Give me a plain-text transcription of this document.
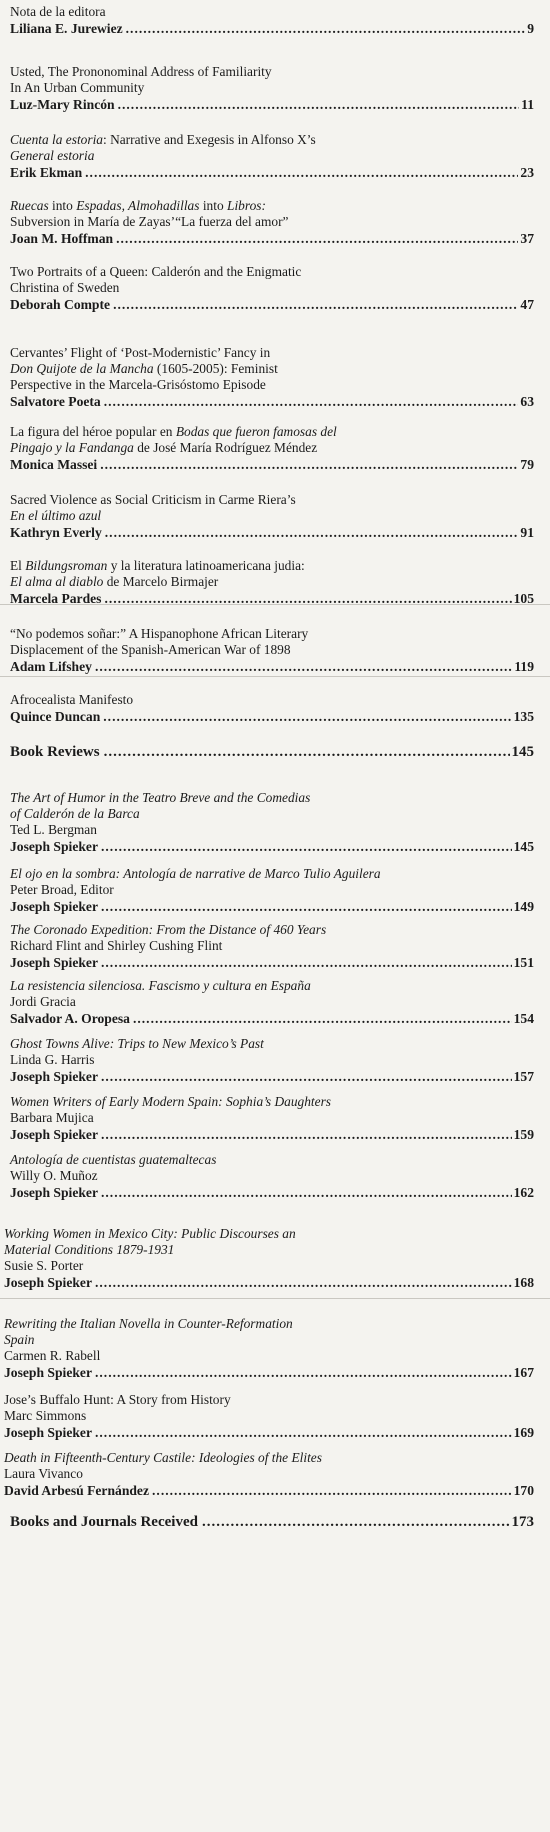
Nota de la editora
Liliana E. Jurewiez .....	9
Usted, The Prononominal Address of Familiarity
In An Urban Community
Luz-Mary Rincón .....	11
Cuenta la estoria: Narrative and Exegesis in Alfonso X’s
General estoria
Erik Ekman .....	23
Ruecas into Espadas, Almohadillas into Libros:
Subversion in María de Zayas’“La fuerza del amor”
Joan M. Hoffman .....	37
Two Portraits of a Queen: Calderón and the Enigmatic
Christina of Sweden
Deborah Compte .....	47
Cervantes’ Flight of ‘Post-Modernistic’ Fancy in
Don Quijote de la Mancha (1605-2005): Feminist
Perspective in the Marcela-Grisóstomo Episode
Salvatore Poeta .....	63
La figura del héroe popular en Bodas que fueron famosas del
Pingajo y la Fandanga de José María Rodríguez Méndez
Monica Massei .....	79
Sacred Violence as Social Criticism in Carme Riera’s
En el último azul
Kathryn Everly .....	91
El Bildungsroman y la literatura latinoamericana judia:
El alma al diablo de Marcelo Birmajer
Marcela Pardes .....	105
“No podemos soñar:” A Hispanophone African Literary
Displacement of the Spanish-American War of 1898
Adam Lifshey .....	119
Afrocealista Manifesto
Quince Duncan .....	135
Book Reviews .....	145
The Art of Humor in the Teatro Breve and the Comedias
of Calderón de la Barca
Ted L. Bergman
Joseph Spieker .....	145
El ojo en la sombra: Antología de narrative de Marco Tulio Aguilera
Peter Broad, Editor
Joseph Spieker .....	149
The Coronado Expedition: From the Distance of 460 Years
Richard Flint and Shirley Cushing Flint
Joseph Spieker .....	151
La resistencia silenciosa. Fascismo y cultura en España
Jordi Gracia
Salvador A. Oropesa .....	154
Ghost Towns Alive: Trips to New Mexico’s Past
Linda G. Harris
Joseph Spieker .....	157
Women Writers of Early Modern Spain: Sophia’s Daughters
Barbara Mujica
Joseph Spieker .....	159
Antología de cuentistas guatemaltecas
Willy O. Muñoz
Joseph Spieker .....	162
Working Women in Mexico City: Public Discourses an
Material Conditions 1879-1931
Susie S. Porter
Joseph Spieker .....	168
Rewriting the Italian Novella in Counter-Reformation
Spain
Carmen R. Rabell
Joseph Spieker .....	167
Jose’s Buffalo Hunt: A Story from History
Marc Simmons
Joseph Spieker .....	169
Death in Fifteenth-Century Castile: Ideologies of the Elites
Laura Vivanco
David Arbesú Fernández .....	170
Books and Journals Received .....	173
